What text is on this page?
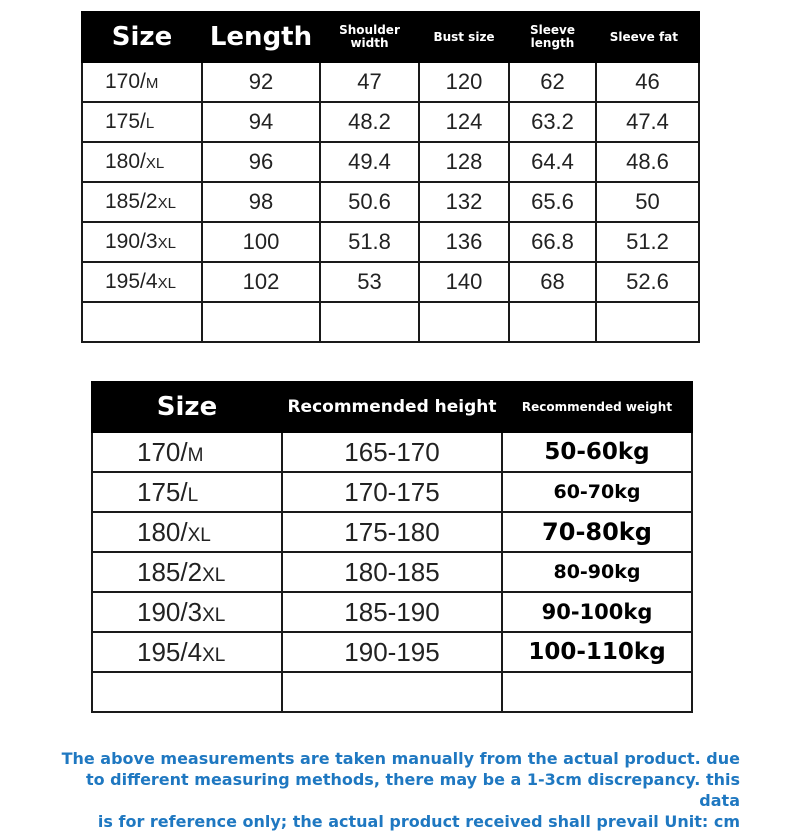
Size	Length	Shoulder width	Bust size	Sleeve length	Sleeve fat
170/M	92	47	120	62	46
175/L	94	48.2	124	63.2	47.4
180/XL	96	49.4	128	64.4	48.6
185/2XL	98	50.6	132	65.6	50
190/3XL	100	51.8	136	66.8	51.2
195/4XL	102	53	140	68	52.6

Size	Recommended height	Recommended weight
170/M	165-170	50-60kg
175/L	170-175	60-70kg
180/XL	175-180	70-80kg
185/2XL	180-185	80-90kg
190/3XL	185-190	90-100kg
195/4XL	190-195	100-110kg

The above measurements are taken manually from the actual product. due
to different measuring methods, there may be a 1-3cm discrepancy. this data
is for reference only; the actual product received shall prevail Unit: cm
